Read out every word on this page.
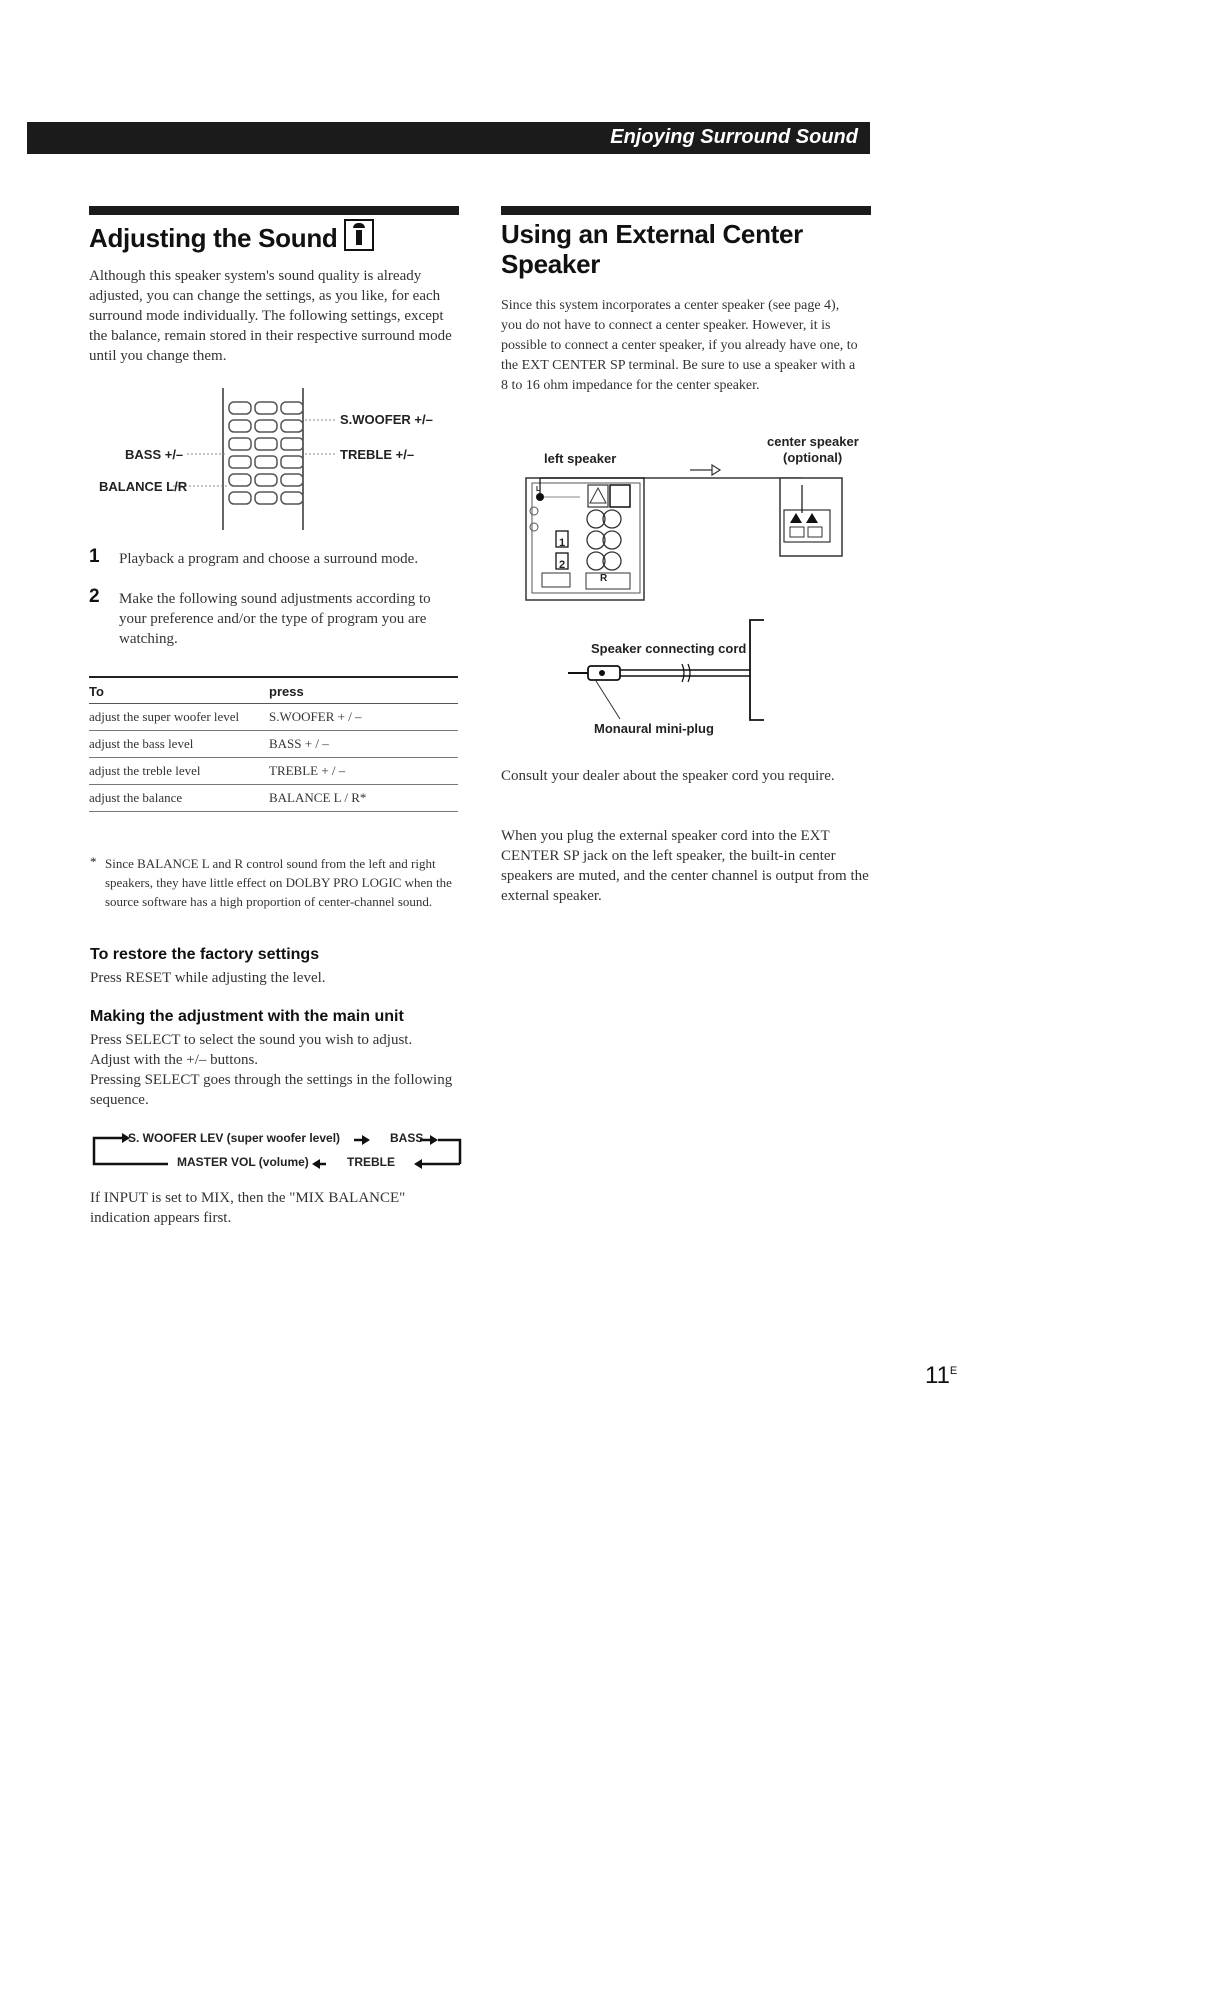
Enjoying Surround Sound
Adjusting the Sound
Although this speaker system's sound quality is already adjusted, you can change the settings, as you like, for each surround mode individually. The following settings, except the balance, remain stored in their respective surround mode until you change them.
S.WOOFER +/–
BASS +/–	TREBLE +/–
BALANCE L/R
1 Playback a program and choose a surround mode.
2 Make the following sound adjustments according to your preference and/or the type of program you are watching.
To	press
adjust the super woofer level	S.WOOFER + / –
adjust the bass level	BASS + / –
adjust the treble level	TREBLE + / –
adjust the balance	BALANCE L / R*
* Since BALANCE L and R control sound from the left and right speakers, they have little effect on DOLBY PRO LOGIC when the source software has a high proportion of center-channel sound.
To restore the factory settings
Press RESET while adjusting the level.
Making the adjustment with the main unit
Press SELECT to select the sound you wish to adjust.
Adjust with the +/– buttons.
Pressing SELECT goes through the settings in the following sequence.
S. WOOFER LEV (super woofer level)	BASS
MASTER VOL (volume)	TREBLE
If INPUT is set to MIX, then the "MIX BALANCE" indication appears first.
Using an External Center
Speaker
Since this system incorporates a center speaker (see page 4), you do not have to connect a center speaker. However, it is possible to connect a center speaker, if you already have one, to the EXT CENTER SP terminal. Be sure to use a speaker with a 8 to 16 ohm impedance for the center speaker.
left speaker
center speaker
(optional)
L
1
2
R
Speaker connecting cord
Monaural mini-plug
Consult your dealer about the speaker cord you require.
When you plug the external speaker cord into the EXT CENTER SP jack on the left speaker, the built-in center speakers are muted, and the center channel is output from the external speaker.
$11^E$
